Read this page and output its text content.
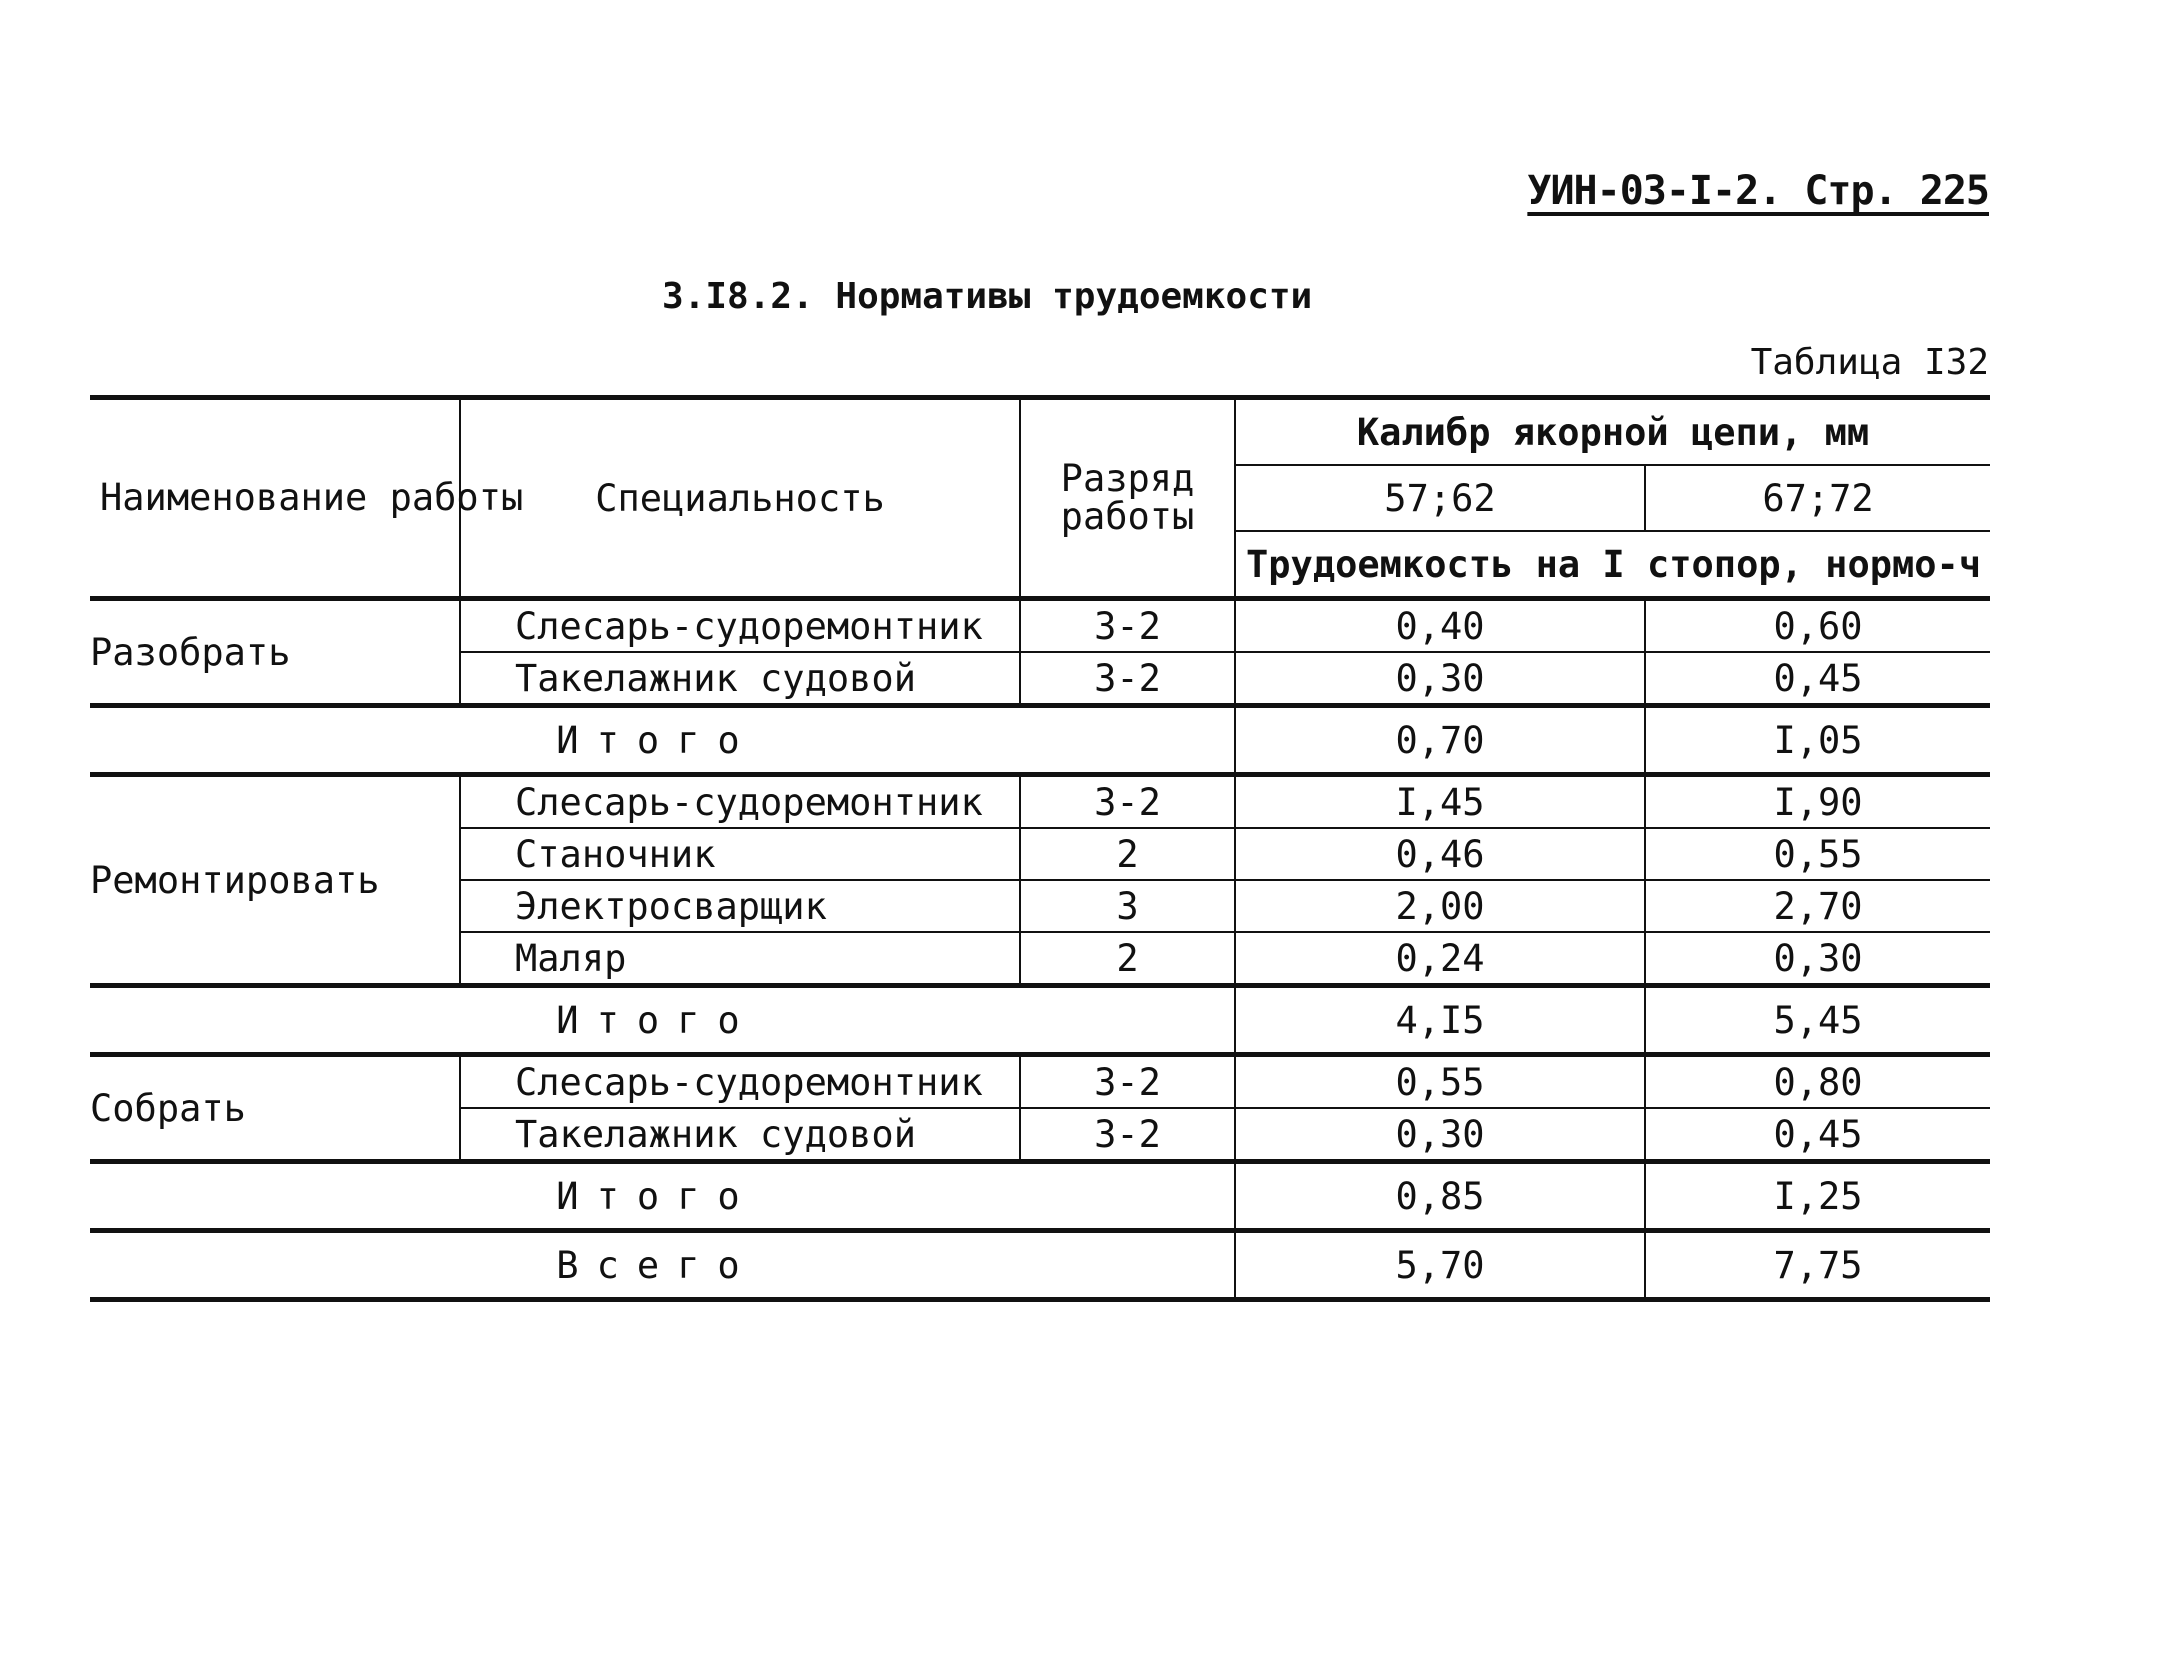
УИН-03-I-2. Стр. 225
3.I8.2. Нормативы трудоемкости
Таблица I32
Наименование работы	Специальность	Разряд работы	Калибр якорной цепи, мм	
			57;62	67;72
			Трудоемкость на I стопор, нормо-ч	
Разобрать	Слесарь-судоремонтник	3-2	0,40	0,60
	Такелажник судовой	3-2	0,30	0,45
Итого			0,70	I,05
Ремонтировать	Слесарь-судоремонтник	3-2	I,45	I,90
	Станочник	2	0,46	0,55
	Электросварщик	3	2,00	2,70
	Маляр	2	0,24	0,30
Итого			4,I5	5,45
Собрать	Слесарь-судоремонтник	3-2	0,55	0,80
	Такелажник судовой	3-2	0,30	0,45
Итого			0,85	I,25
Всего			5,70	7,75
